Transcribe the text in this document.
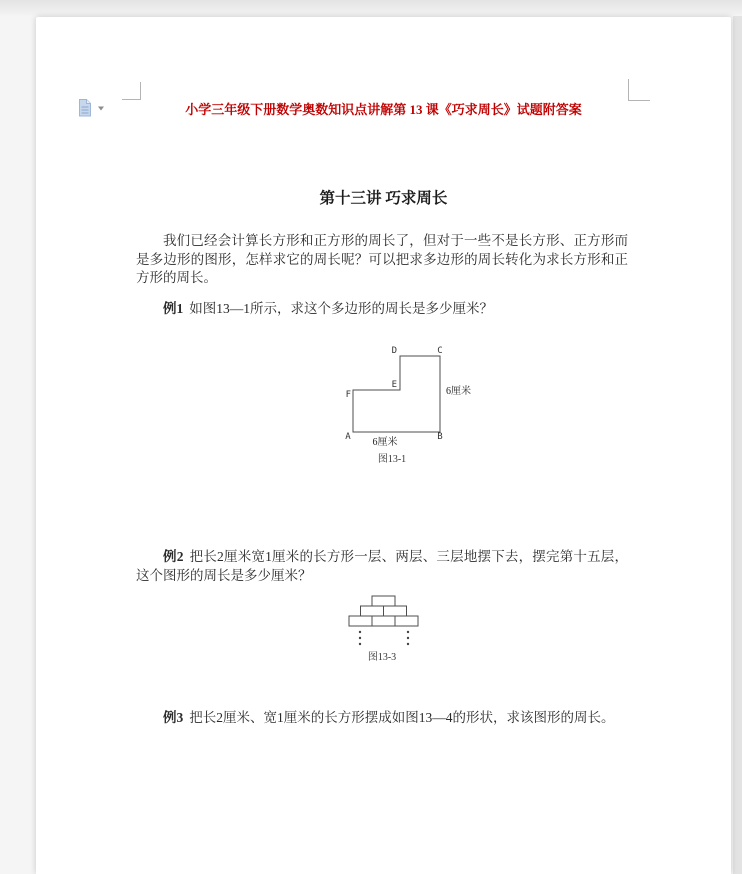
小学三年级下册数学奥数知识点讲解第 13 课《巧求周长》试题附答案
第十三讲 巧求周长

我们已经会计算长方形和正方形的周长了，但对于一些不是长方形、正方形而是多边形的图形，怎样求它的周长呢？可以把求多边形的周长转化为求长方形和正方形的周长。

例1 如图13—1所示，求这个多边形的周长是多少厘米？

D	C
E
F
A	B
6厘米
6厘米
图13-1

例2 把长2厘米宽1厘米的长方形一层、两层、三层地摆下去，摆完第十五层，这个图形的周长是多少厘米？

图13-3

例3 把长2厘米、宽1厘米的长方形摆成如图13—4的形状，求该图形的周长。
